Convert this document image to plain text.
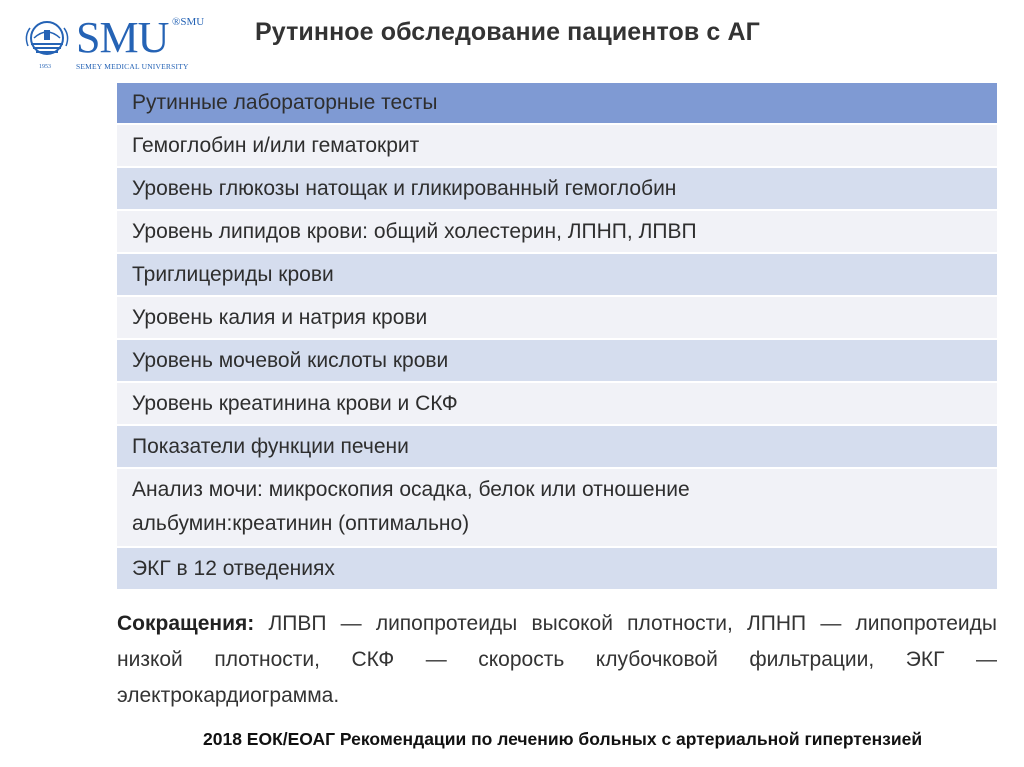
SMU ®SMU
SEMEY MEDICAL UNIVERSITY
1953
Рутинное обследование пациентов с АГ
Рутинные лабораторные тесты
Гемоглобин и/или гематокрит
Уровень глюкозы натощак и гликированный гемоглобин
Уровень липидов крови: общий холестерин, ЛПНП, ЛПВП
Триглицериды крови
Уровень калия и натрия крови
Уровень мочевой кислоты крови
Уровень креатинина крови и СКФ
Показатели функции печени
Анализ мочи: микроскопия осадка, белок или отношение
альбумин:креатинин (оптимально)
ЭКГ в 12 отведениях
Сокращения: ЛПВП — липопротеиды высокой плотности, ЛПНП — липопротеиды низкой плотности, СКФ — скорость клубочковой фильтрации, ЭКГ — электрокардиограмма.
2018 ЕОК/ЕОАГ Рекомендации по лечению больных с артериальной гипертензией
